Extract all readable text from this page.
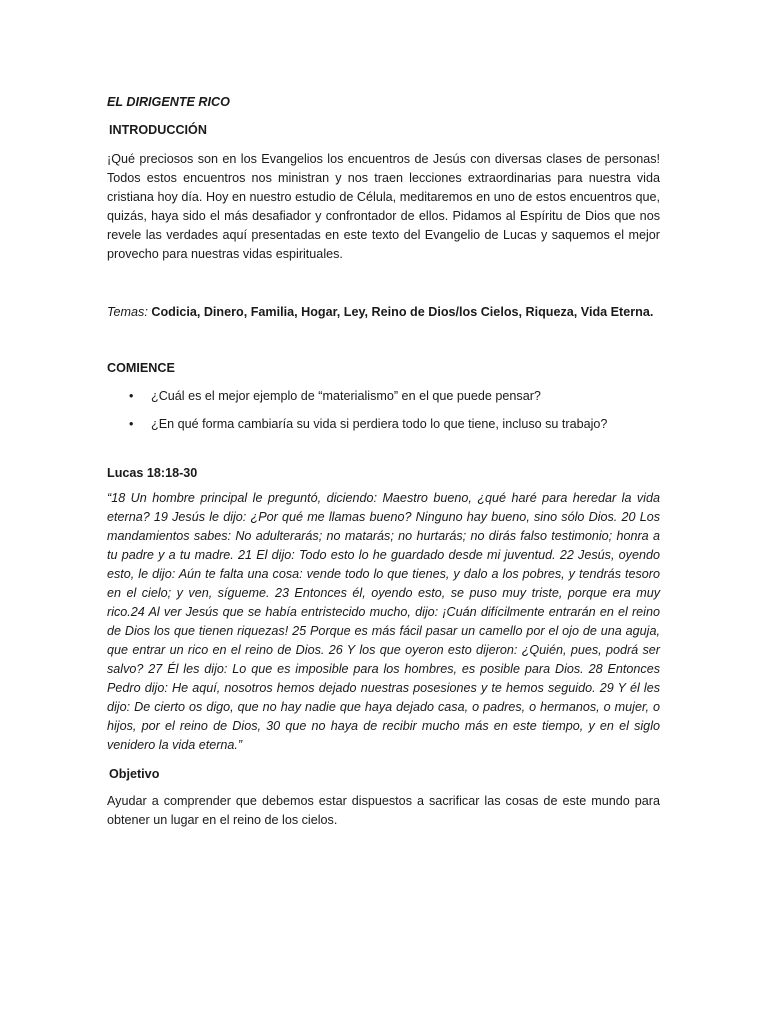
EL DIRIGENTE RICO

INTRODUCCIÓN

¡Qué preciosos son en los Evangelios los encuentros de Jesús con diversas clases de personas! Todos estos encuentros nos ministran y nos traen lecciones extraordinarias para nuestra vida cristiana hoy día. Hoy en nuestro estudio de Célula, meditaremos en uno de estos encuentros que, quizás, haya sido el más desafiador y confrontador de ellos. Pidamos al Espíritu de Dios que nos revele las verdades aquí presentadas en este texto del Evangelio de Lucas y saquemos el mejor provecho para nuestras vidas espirituales.

Temas: Codicia, Dinero, Familia, Hogar, Ley, Reino de Dios/los Cielos, Riqueza, Vida Eterna.

COMIENCE

• ¿Cuál es el mejor ejemplo de “materialismo” en el que puede pensar?
• ¿En qué forma cambiaría su vida si perdiera todo lo que tiene, incluso su trabajo?

Lucas 18:18-30

“18 Un hombre principal le preguntó, diciendo: Maestro bueno, ¿qué haré para heredar la vida eterna? 19 Jesús le dijo: ¿Por qué me llamas bueno? Ninguno hay bueno, sino sólo Dios. 20 Los mandamientos sabes: No adulterarás; no matarás; no hurtarás; no dirás falso testimonio; honra a tu padre y a tu madre. 21 El dijo: Todo esto lo he guardado desde mi juventud. 22 Jesús, oyendo esto, le dijo: Aún te falta una cosa: vende todo lo que tienes, y dalo a los pobres, y tendrás tesoro en el cielo; y ven, sígueme. 23 Entonces él, oyendo esto, se puso muy triste, porque era muy rico.24 Al ver Jesús que se había entristecido mucho, dijo: ¡Cuán difícilmente entrarán en el reino de Dios los que tienen riquezas! 25 Porque es más fácil pasar un camello por el ojo de una aguja, que entrar un rico en el reino de Dios. 26 Y los que oyeron esto dijeron: ¿Quién, pues, podrá ser salvo? 27 Él les dijo: Lo que es imposible para los hombres, es posible para Dios. 28 Entonces Pedro dijo: He aquí, nosotros hemos dejado nuestras posesiones y te hemos seguido. 29 Y él les dijo: De cierto os digo, que no hay nadie que haya dejado casa, o padres, o hermanos, o mujer, o hijos, por el reino de Dios, 30 que no haya de recibir mucho más en este tiempo, y en el siglo venidero la vida eterna.”

Objetivo

Ayudar a comprender que debemos estar dispuestos a sacrificar las cosas de este mundo para obtener un lugar en el reino de los cielos.
